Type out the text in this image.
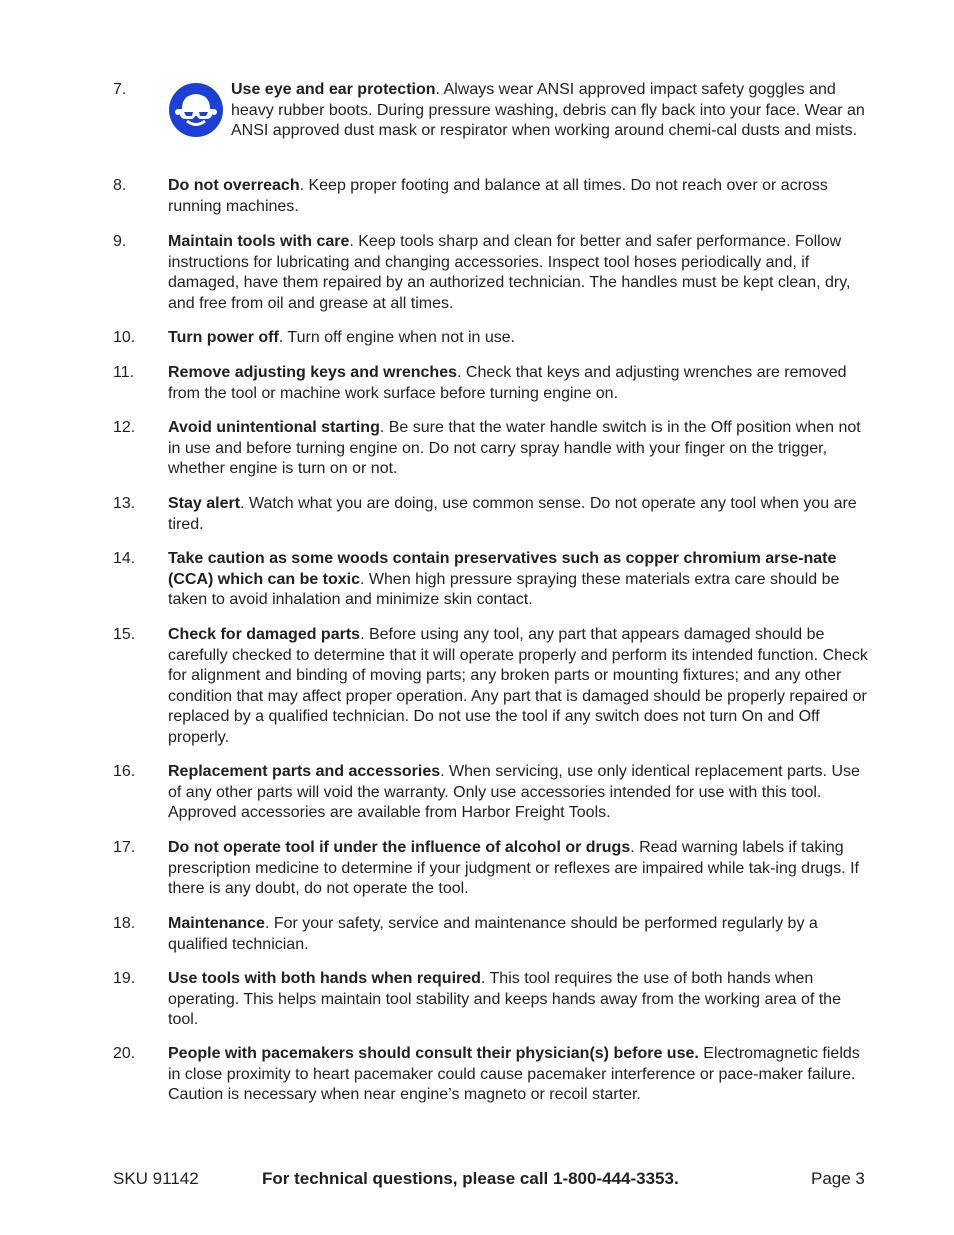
7.	Use eye and ear protection. Always wear ANSI approved impact safety goggles and heavy rubber boots. During pressure washing, debris can fly back into your face. Wear an ANSI approved dust mask or respirator when working around chemi-cal dusts and mists.
8.	Do not overreach. Keep proper footing and balance at all times. Do not reach over or across running machines.
9.	Maintain tools with care. Keep tools sharp and clean for better and safer performance. Follow instructions for lubricating and changing accessories. Inspect tool hoses periodically and, if damaged, have them repaired by an authorized technician. The handles must be kept clean, dry, and free from oil and grease at all times.
10. Turn power off. Turn off engine when not in use.
11. Remove adjusting keys and wrenches. Check that keys and adjusting wrenches are removed from the tool or machine work surface before turning engine on.
12. Avoid unintentional starting. Be sure that the water handle switch is in the Off position when not in use and before turning engine on. Do not carry spray handle with your finger on the trigger, whether engine is turn on or not.
13. Stay alert. Watch what you are doing, use common sense. Do not operate any tool when you are tired.
14. Take caution as some woods contain preservatives such as copper chromium arse-nate (CCA) which can be toxic. When high pressure spraying these materials extra care should be taken to avoid inhalation and minimize skin contact.
15. Check for damaged parts. Before using any tool, any part that appears damaged should be carefully checked to determine that it will operate properly and perform its intended function. Check for alignment and binding of moving parts; any broken parts or mounting fixtures; and any other condition that may affect proper operation. Any part that is damaged should be properly repaired or replaced by a qualified technician. Do not use the tool if any switch does not turn On and Off properly.
16. Replacement parts and accessories. When servicing, use only identical replacement parts. Use of any other parts will void the warranty. Only use accessories intended for use with this tool. Approved accessories are available from Harbor Freight Tools.
17. Do not operate tool if under the influence of alcohol or drugs. Read warning labels if taking prescription medicine to determine if your judgment or reflexes are impaired while tak-ing drugs. If there is any doubt, do not operate the tool.
18. Maintenance. For your safety, service and maintenance should be performed regularly by a qualified technician.
19. Use tools with both hands when required. This tool requires the use of both hands when operating. This helps maintain tool stability and keeps hands away from the working area of the tool.
20. People with pacemakers should consult their physician(s) before use. Electromagnetic fields in close proximity to heart pacemaker could cause pacemaker interference or pace-maker failure. Caution is necessary when near engine’s magneto or recoil starter.
SKU 91142	For technical questions, please call 1-800-444-3353.	Page 3
